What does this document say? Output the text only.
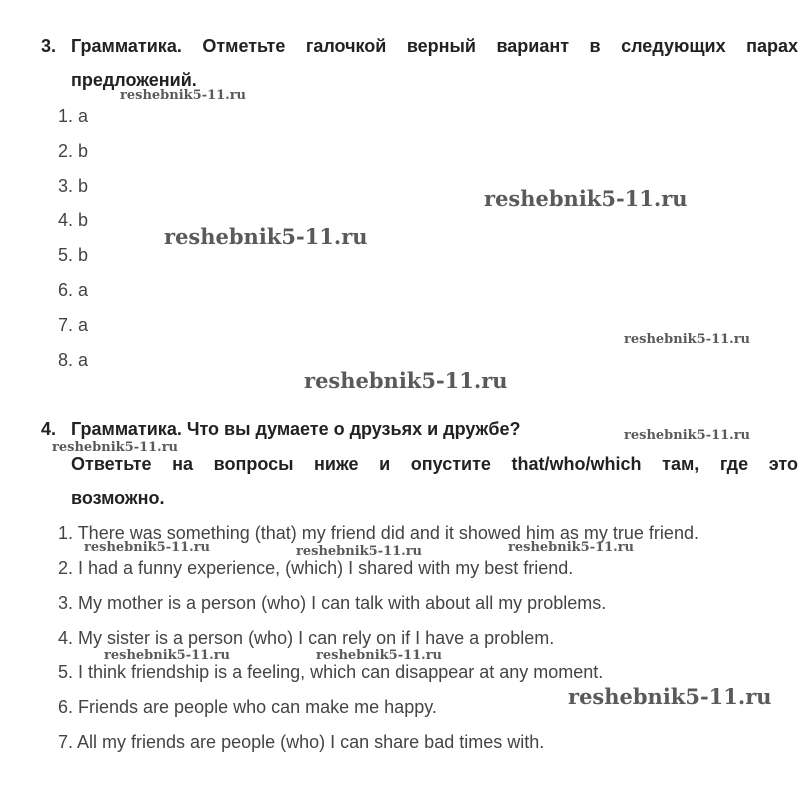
3. Грамматика. Отметьте галочкой верный вариант в следующих парах
предложений.
1. a
2. b
3. b
4. b
5. b
6. a
7. a
8. a
4. Грамматика. Что вы думаете о друзьях и дружбе?
Ответьте на вопросы ниже и опустите that/who/which там, где это
возможно.
1. There was something (that) my friend did and it showed him as my true friend.
2. I had a funny experience, (which) I shared with my best friend.
3. My mother is a person (who) I can talk with about all my problems.
4. My sister is a person (who) I can rely on if I have a problem.
5. I think friendship is a feeling, which can disappear at any moment.
6. Friends are people who can make me happy.
7. All my friends are people (who) I can share bad times with.
reshebnik5-11.ru
reshebnik5-11.ru
reshebnik5-11.ru
reshebnik5-11.ru
reshebnik5-11.ru
reshebnik5-11.ru
reshebnik5-11.ru
reshebnik5-11.ru	reshebnik5-11.ru	reshebnik5-11.ru
reshebnik5-11.ru	reshebnik5-11.ru
reshebnik5-11.ru
